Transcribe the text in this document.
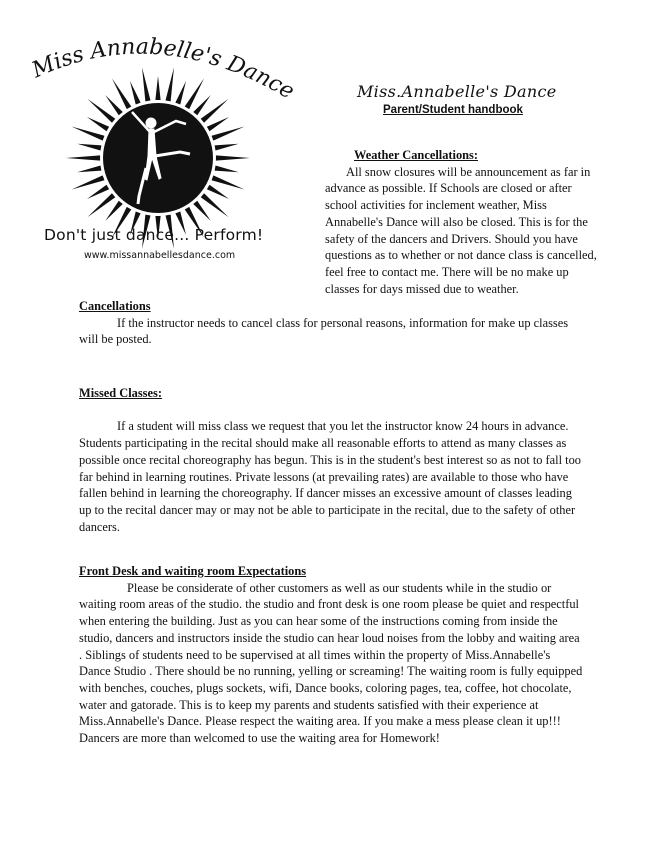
Miss Annabelle's Dance
Don't just dance... Perform!
www.missannabellesdance.com
Miss.Annabelle's Dance
Parent/Student handbook
Weather Cancellations:

All snow closures will be announcement as far in advance as possible. If Schools are closed or after school activities for inclement weather, Miss Annabelle's Dance will also be closed. This is for the safety of the dancers and Drivers. Should you have questions as to whether or not dance class is cancelled, feel free to contact me. There will be no make up classes for days missed due to weather.

Cancellations

If the instructor needs to cancel class for personal reasons, information for make up classes will be posted.

Missed Classes:

If a student will miss class we request that you let the instructor know 24 hours in advance. Students participating in the recital should make all reasonable efforts to attend as many classes as possible once recital choreography has begun. This is in the student's best interest so as not to fall too far behind in learning routines. Private lessons (at prevailing rates) are available to those who have fallen behind in learning the choreography. If dancer misses an excessive amount of classes leading up to the recital dancer may or may not be able to participate in the recital, due to the safety of other dancers.

Front Desk and waiting room Expectations

Please be considerate of other customers as well as our students while in the studio or waiting room areas of the studio. the studio and front desk is one room please be quiet and respectful when entering the building. Just as you can hear some of the instructions coming from inside the studio, dancers and instructors inside the studio can hear loud noises from the lobby and waiting area . Siblings of students need to be supervised at all times within the property of Miss.Annabelle's Dance Studio . There should be no running, yelling or screaming! The waiting room is fully equipped with benches, couches, plugs sockets, wifi, Dance books, coloring pages, tea, coffee, hot chocolate, water and gatorade. This is to keep my parents and students satisfied with their experience at Miss.Annabelle's Dance. Please respect the waiting area. If you make a mess please clean it up!!! Dancers are more than welcomed to use the waiting area for Homework!
